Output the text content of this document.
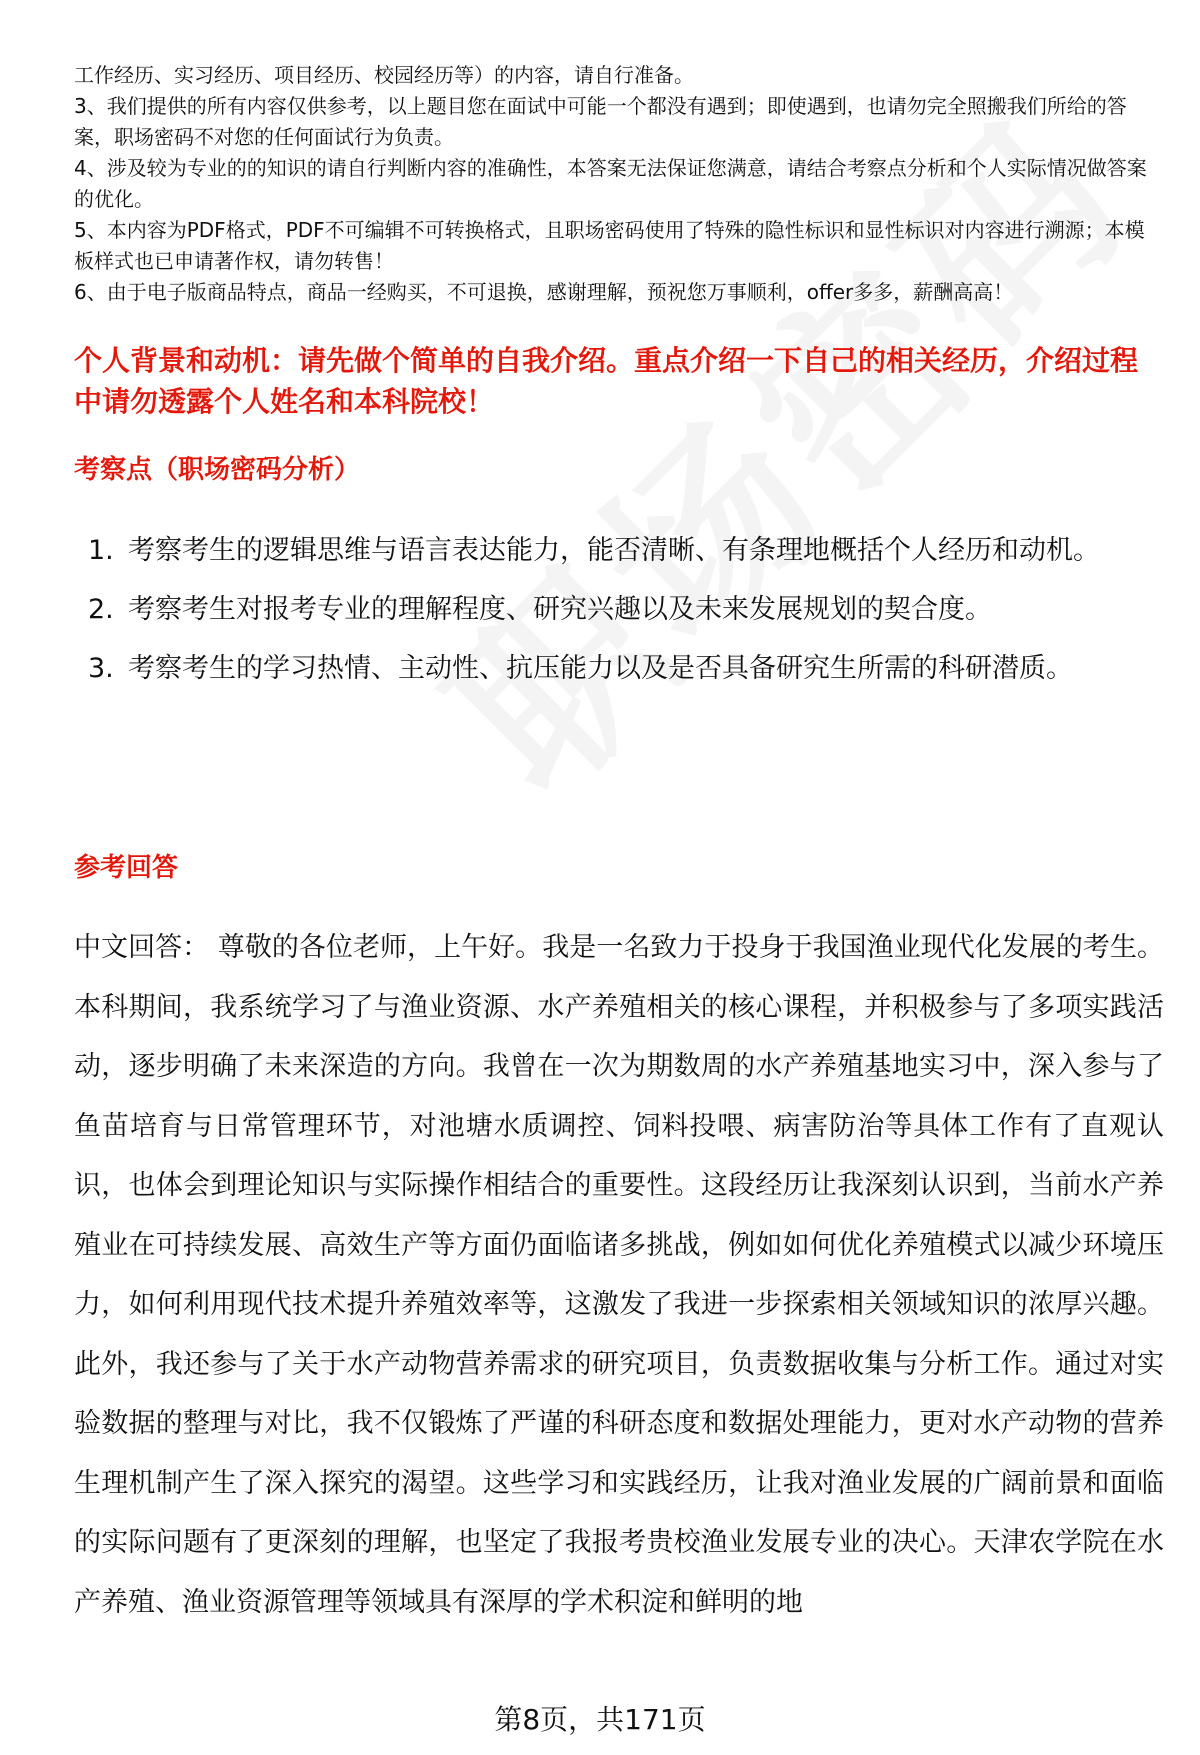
工作经历、实习经历、项目经历、校园经历等）的内容，请自行准备。

3、我们提供的所有内容仅供参考，以上题目您在面试中可能一个都没有遇到；即使遇到，也请勿完全照搬我们所给的答案，职场密码不对您的任何面试行为负责。

4、涉及较为专业的的知识的请自行判断内容的准确性，本答案无法保证您满意，请结合考察点分析和个人实际情况做答案的优化。

5、本内容为PDF格式，PDF不可编辑不可转换格式，且职场密码使用了特殊的隐性标识和显性标识对内容进行溯源；本模板样式也已申请著作权，请勿转售！

6、由于电子版商品特点，商品一经购买，不可退换，感谢理解，预祝您万事顺利，offer多多，薪酬高高！

个人背景和动机：请先做个简单的自我介绍。重点介绍一下自己的相关经历，介绍过程中请勿透露个人姓名和本科院校！
考察点（职场密码分析）
1. 考察考生的逻辑思维与语言表达能力，能否清晰、有条理地概括个人经历和动机。
2. 考察考生对报考专业的理解程度、研究兴趣以及未来发展规划的契合度。
3. 考察考生的学习热情、主动性、抗压能力以及是否具备研究生所需的科研潜质。
参考回答

中文回答： 尊敬的各位老师，上午好。我是一名致力于投身于我国渔业现代化发展的考生。本科期间，我系统学习了与渔业资源、水产养殖相关的核心课程，并积极参与了多项实践活动，逐步明确了未来深造的方向。我曾在一次为期数周的水产养殖基地实习中，深入参与了鱼苗培育与日常管理环节，对池塘水质调控、饲料投喂、病害防治等具体工作有了直观认识，也体会到理论知识与实际操作相结合的重要性。这段经历让我深刻认识到，当前水产养殖业在可持续发展、高效生产等方面仍面临诸多挑战，例如如何优化养殖模式以减少环境压力，如何利用现代技术提升养殖效率等，这激发了我进一步探索相关领域知识的浓厚兴趣。此外，我还参与了关于水产动物营养需求的研究项目，负责数据收集与分析工作。通过对实验数据的整理与对比，我不仅锻炼了严谨的科研态度和数据处理能力，更对水产动物的营养生理机制产生了深入探究的渴望。这些学习和实践经历，让我对渔业发展的广阔前景和面临的实际问题有了更深刻的理解，也坚定了我报考贵校渔业发展专业的决心。天津农学院在水产养殖、渔业资源管理等领域具有深厚的学术积淀和鲜明的地

第8页，共171页
